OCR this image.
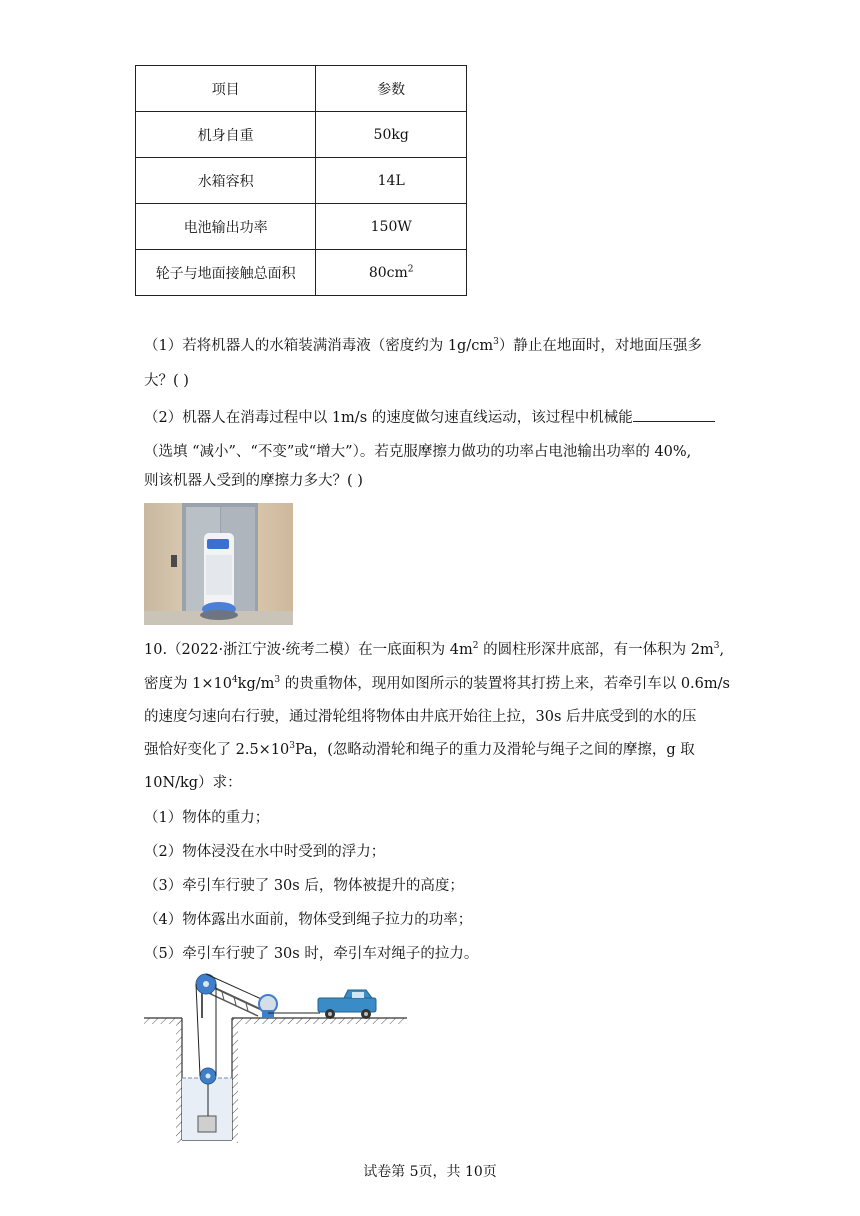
项目	参数
机身自重	50kg
水箱容积	14L
电池输出功率	150W
轮子与地面接触总面积	$80cm^2$
（1）若将机器人的水箱装满消毒液（密度约为 $1g/cm^3$）静止在地面时，对地面压强多
大？( )
（2）机器人在消毒过程中以 1m/s 的速度做匀速直线运动，该过程中机械能
（选填 “减小”、“不变”或“增大”）。若克服摩擦力做功的功率占电池输出功率的 40%,
则该机器人受到的摩擦力多大？( )
10.（2022·浙江宁波·统考二模）在一底面积为 $4m^2$ 的圆柱形深井底部，有一体积为 $2m^3$,
密度为 $1\times 10^4kg/m^3$ 的贵重物体，现用如图所示的装置将其打捞上来，若牵引车以 0.6m/s
的速度匀速向右行驶，通过滑轮组将物体由井底开始往上拉，30s 后井底受到的水的压
强恰好变化了 $2.5\times 10^3Pa$，(忽略动滑轮和绳子的重力及滑轮与绳子之间的摩擦，g 取
10N/kg）求：
（1）物体的重力；
（2）物体浸没在水中时受到的浮力；
（3）牵引车行驶了 30s 后，物体被提升的高度；
（4）物体露出水面前，物体受到绳子拉力的功率；
（5）牵引车行驶了 30s 时，牵引车对绳子的拉力。
试卷第 5页，共 10页
